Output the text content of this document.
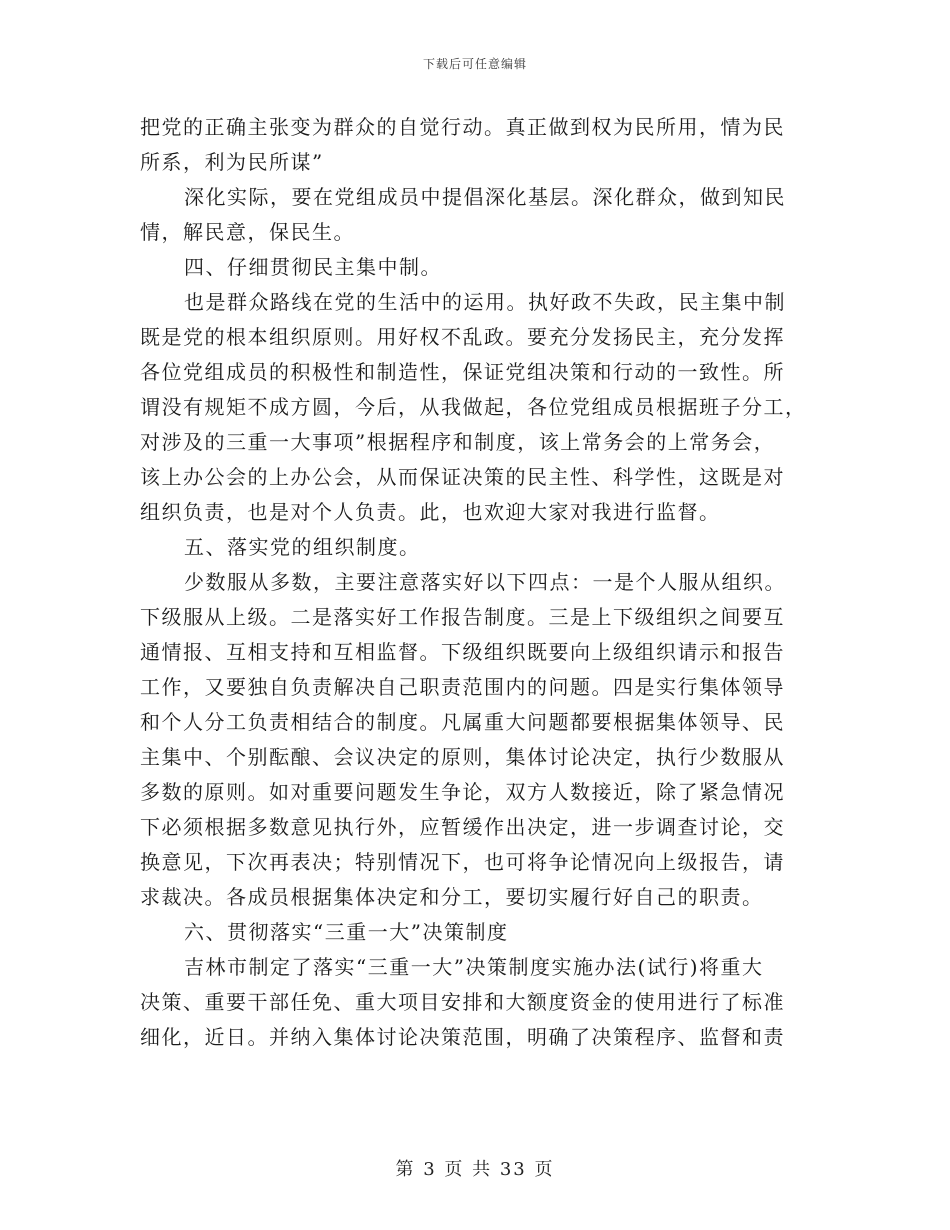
下载后可任意编辑
把党的正确主张变为群众的自觉行动。真正做到权为民所用，情为民
所系，利为民所谋”
深化实际，要在党组成员中提倡深化基层。深化群众，做到知民
情，解民意，保民生。
四、仔细贯彻民主集中制。
也是群众路线在党的生活中的运用。执好政不失政，民主集中制
既是党的根本组织原则。用好权不乱政。要充分发扬民主，充分发挥
各位党组成员的积极性和制造性，保证党组决策和行动的一致性。所
谓没有规矩不成方圆，今后，从我做起，各位党组成员根据班子分工，
对涉及的三重一大事项”根据程序和制度，该上常务会的上常务会，
该上办公会的上办公会，从而保证决策的民主性、科学性，这既是对
组织负责，也是对个人负责。此，也欢迎大家对我进行监督。
五、落实党的组织制度。
少数服从多数，主要注意落实好以下四点：一是个人服从组织。
下级服从上级。二是落实好工作报告制度。三是上下级组织之间要互
通情报、互相支持和互相监督。下级组织既要向上级组织请示和报告
工作，又要独自负责解决自己职责范围内的问题。四是实行集体领导
和个人分工负责相结合的制度。凡属重大问题都要根据集体领导、民
主集中、个别酝酿、会议决定的原则，集体讨论决定，执行少数服从
多数的原则。如对重要问题发生争论，双方人数接近，除了紧急情况
下必须根据多数意见执行外，应暂缓作出决定，进一步调查讨论，交
换意见，下次再表决；特别情况下，也可将争论情况向上级报告，请
求裁决。各成员根据集体决定和分工，要切实履行好自己的职责。
六、贯彻落实“三重一大”决策制度
吉林市制定了落实“三重一大”决策制度实施办法(试行)将重大
决策、重要干部任免、重大项目安排和大额度资金的使用进行了标准
细化，近日。并纳入集体讨论决策范围，明确了决策程序、监督和责
第 3 页 共 33 页
